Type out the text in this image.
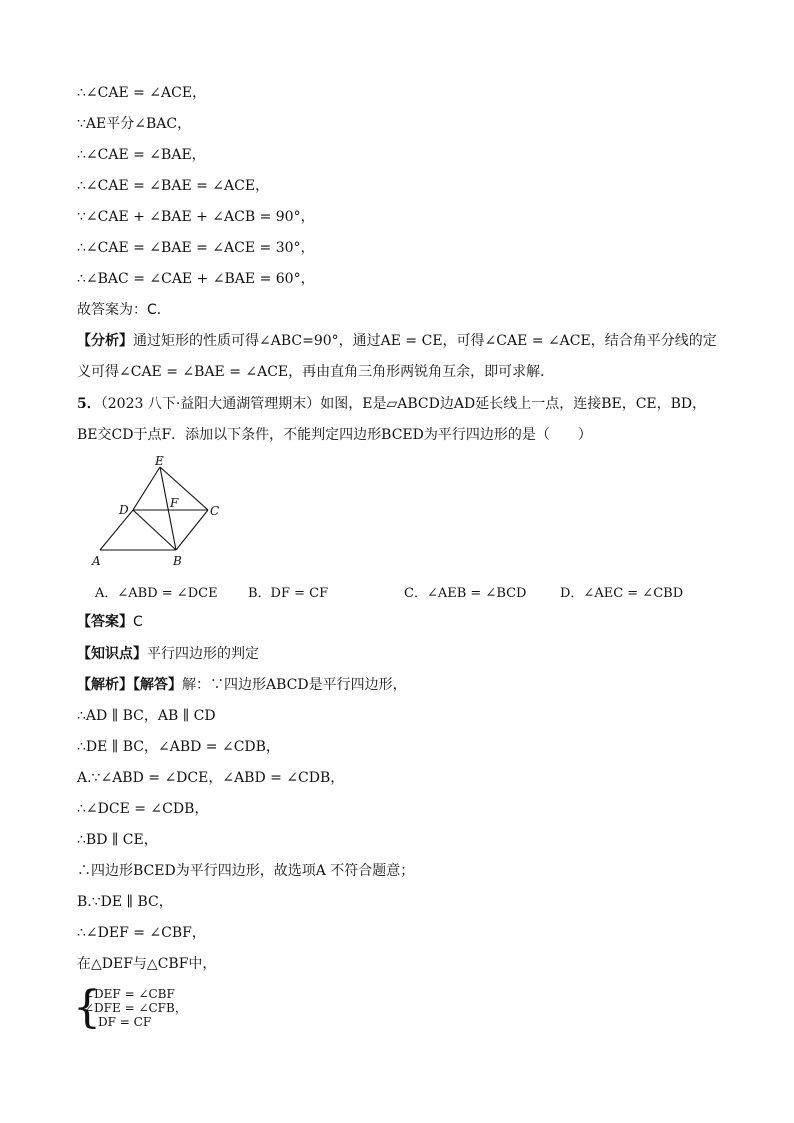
∴∠CAE = ∠ACE，
∵AE平分∠BAC，
∴∠CAE = ∠BAE，
∴∠CAE = ∠BAE = ∠ACE，
∵∠CAE + ∠BAE + ∠ACB = 90°，
∴∠CAE = ∠BAE = ∠ACE = 30°，
∴∠BAC = ∠CAE + ∠BAE = 60°，
故答案为：C．
【分析】通过矩形的性质可得∠ABC=90°，通过AE = CE，可得∠CAE = ∠ACE，结合角平分线的定义可得∠CAE = ∠BAE = ∠ACE，再由直角三角形两锐角互余，即可求解．
5．（2023 八下·益阳大通湖管理期末）如图，E是▱ABCD边AD延长线上一点，连接BE，CE，BD，BE交CD于点F．添加以下条件，不能判定四边形BCED为平行四边形的是（　　）
E
D	F
C
A	B
A．∠ABD = ∠DCE B．DF = CF	C．∠AEB = ∠BCD	D．∠AEC = ∠CBD
【答案】C
【知识点】平行四边形的判定
【解析】【解答】解：∵四边形ABCD是平行四边形，
∴AD ∥ BC，AB ∥ CD
∴DE ∥ BC，∠ABD = ∠CDB，
A.∵∠ABD = ∠DCE，∠ABD = ∠CDB，
∴∠DCE = ∠CDB，
∴BD ∥ CE，
∴四边形BCED为平行四边形，故选项A 不符合题意；
B.∵DE ∥ BC，
∴∠DEF = ∠CBF，
在△DEF与△CBF中，
{
∠DEF = ∠CBF
∠DFE = ∠CFB，
DF = CF
